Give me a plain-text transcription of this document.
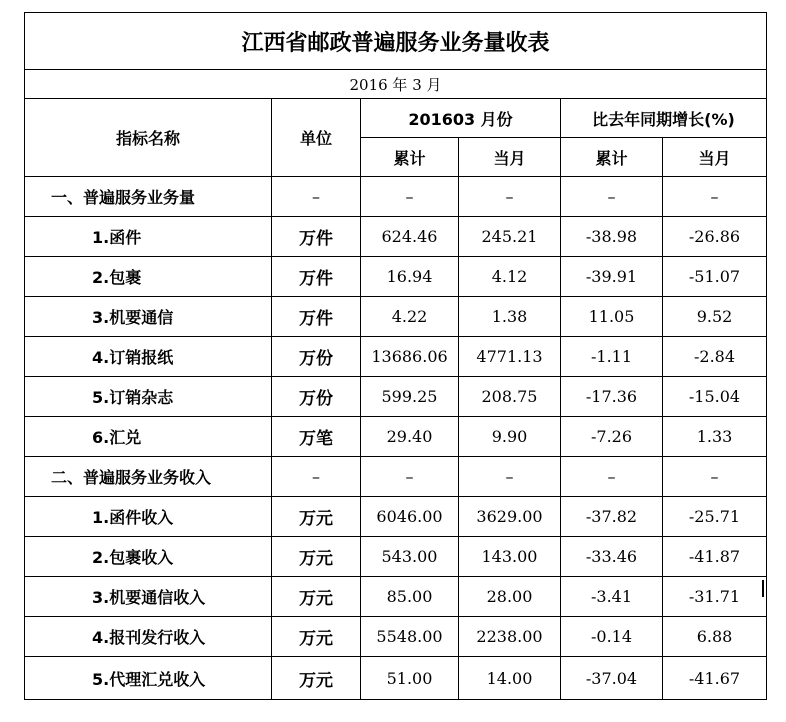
江西省邮政普遍服务业务量收表					
2016 年 3 月					
指标名称	单位	201603 月份		比去年同期增长(%)	
		累计	当月	累计	当月
一、普遍服务业务量	–	–	–	–	–
1.函件	万件	624.46	245.21	-38.98	-26.86
2.包裹	万件	16.94	4.12	-39.91	-51.07
3.机要通信	万件	4.22	1.38	11.05	9.52
4.订销报纸	万份	13686.06	4771.13	-1.11	-2.84
5.订销杂志	万份	599.25	208.75	-17.36	-15.04
6.汇兑	万笔	29.40	9.90	-7.26	1.33
二、普遍服务业务收入	–	–	–	–	–
1.函件收入	万元	6046.00	3629.00	-37.82	-25.71
2.包裹收入	万元	543.00	143.00	-33.46	-41.87
3.机要通信收入	万元	85.00	28.00	-3.41	-31.71
4.报刊发行收入	万元	5548.00	2238.00	-0.14	6.88
5.代理汇兑收入	万元	51.00	14.00	-37.04	-41.67
